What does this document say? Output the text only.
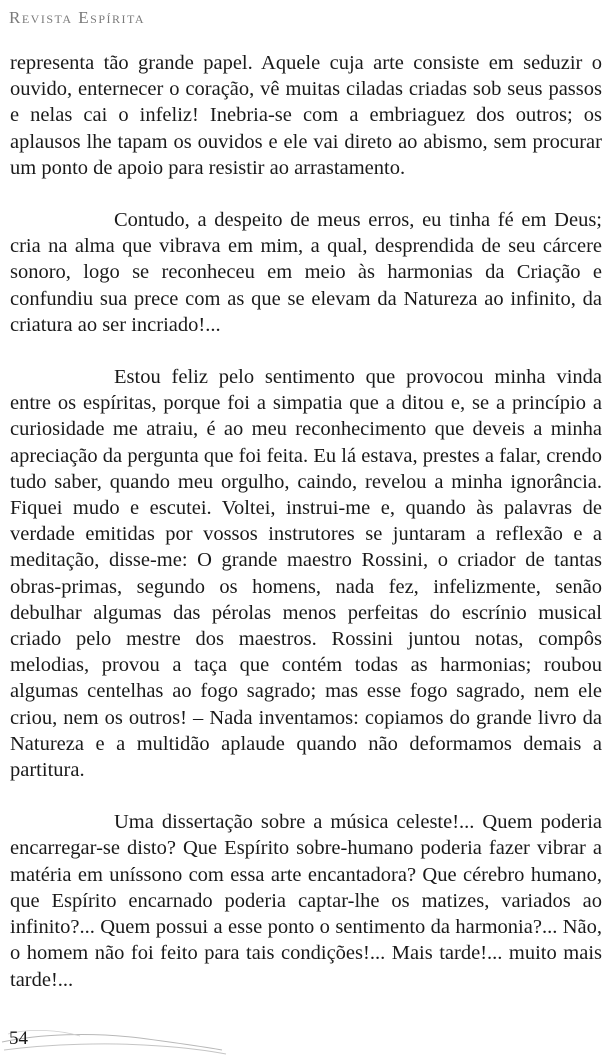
Revista Espírita

representa tão grande papel. Aquele cuja arte consiste em seduzir o ouvido, enternecer o coração, vê muitas ciladas criadas sob seus passos e nelas cai o infeliz! Inebria-se com a embriaguez dos outros; os aplausos lhe tapam os ouvidos e ele vai direto ao abismo, sem procurar um ponto de apoio para resistir ao arrastamento.

Contudo, a despeito de meus erros, eu tinha fé em Deus; cria na alma que vibrava em mim, a qual, desprendida de seu cárcere sonoro, logo se reconheceu em meio às harmonias da Criação e confundiu sua prece com as que se elevam da Natureza ao infinito, da criatura ao ser incriado!...

Estou feliz pelo sentimento que provocou minha vinda entre os espíritas, porque foi a simpatia que a ditou e, se a princípio a curiosidade me atraiu, é ao meu reconhecimento que deveis a minha apreciação da pergunta que foi feita. Eu lá estava, prestes a falar, crendo tudo saber, quando meu orgulho, caindo, revelou a minha ignorância. Fiquei mudo e escutei. Voltei, instrui-me e, quando às palavras de verdade emitidas por vossos instrutores se juntaram a reflexão e a meditação, disse-me: O grande maestro Rossini, o criador de tantas obras-primas, segundo os homens, nada fez, infelizmente, senão debulhar algumas das pérolas menos perfeitas do escrínio musical criado pelo mestre dos maestros. Rossini juntou notas, compôs melodias, provou a taça que contém todas as harmonias; roubou algumas centelhas ao fogo sagrado; mas esse fogo sagrado, nem ele criou, nem os outros! – Nada inventamos: copiamos do grande livro da Natureza e a multidão aplaude quando não deformamos demais a partitura.

Uma dissertação sobre a música celeste!... Quem poderia encarregar-se disto? Que Espírito sobre-humano poderia fazer vibrar a matéria em uníssono com essa arte encantadora? Que cérebro humano, que Espírito encarnado poderia captar-lhe os matizes, variados ao infinito?... Quem possui a esse ponto o sentimento da harmonia?... Não, o homem não foi feito para tais condições!... Mais tarde!... muito mais tarde!...

54
